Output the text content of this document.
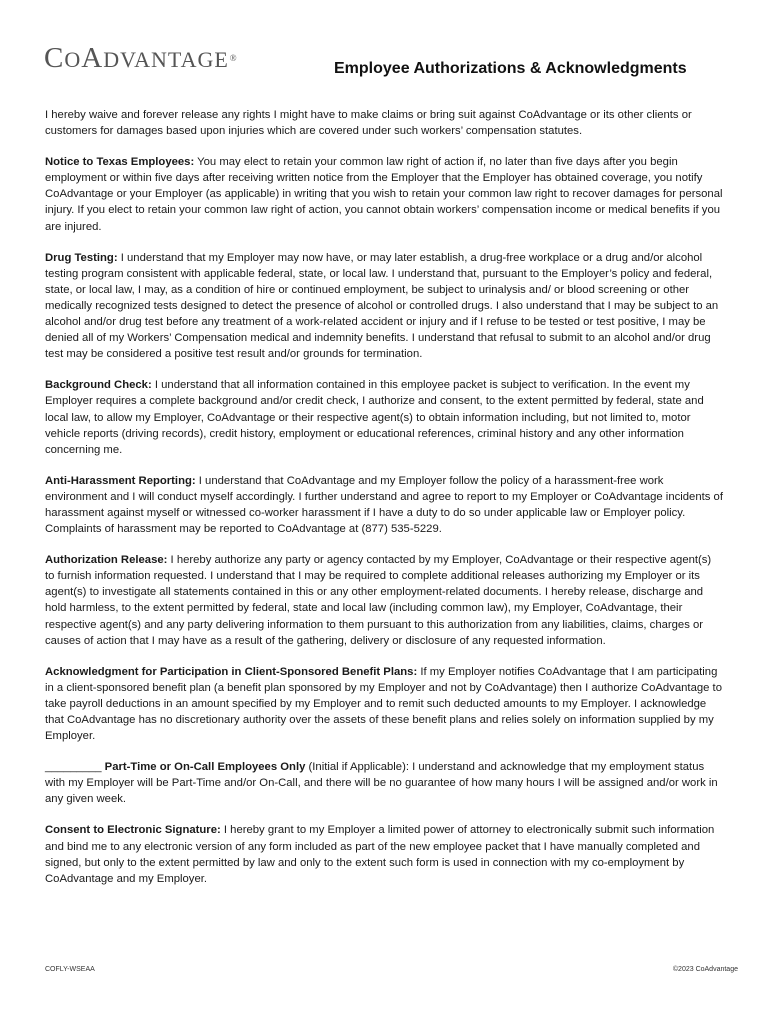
COADVANTAGE®
Employee Authorizations & Acknowledgments

I hereby waive and forever release any rights I might have to make claims or bring suit against CoAdvantage or its other clients or customers for damages based upon injuries which are covered under such workers’ compensation statutes.

Notice to Texas Employees: You may elect to retain your common law right of action if, no later than five days after you begin employment or within five days after receiving written notice from the Employer that the Employer has obtained coverage, you notify CoAdvantage or your Employer (as applicable) in writing that you wish to retain your common law right to recover damages for personal injury. If you elect to retain your common law right of action, you cannot obtain workers’ compensation income or medical benefits if you are injured.

Drug Testing: I understand that my Employer may now have, or may later establish, a drug-free workplace or a drug and/or alcohol testing program consistent with applicable federal, state, or local law. I understand that, pursuant to the Employer’s policy and federal, state, or local law, I may, as a condition of hire or continued employment, be subject to urinalysis and/ or blood screening or other medically recognized tests designed to detect the presence of alcohol or controlled drugs. I also understand that I may be subject to an alcohol and/or drug test before any treatment of a work-related accident or injury and if I refuse to be tested or test positive, I may be denied all of my Workers’ Compensation medical and indemnity benefits. I understand that refusal to submit to an alcohol and/or drug test may be considered a positive test result and/or grounds for termination.

Background Check: I understand that all information contained in this employee packet is subject to verification. In the event my Employer requires a complete background and/or credit check, I authorize and consent, to the extent permitted by federal, state and local law, to allow my Employer, CoAdvantage or their respective agent(s) to obtain information including, but not limited to, motor vehicle reports (driving records), credit history, employment or educational references, criminal history and any other information concerning me.

Anti-Harassment Reporting: I understand that CoAdvantage and my Employer follow the policy of a harassment-free work environment and I will conduct myself accordingly. I further understand and agree to report to my Employer or CoAdvantage incidents of harassment against myself or witnessed co-worker harassment if I have a duty to do so under applicable law or Employer policy. Complaints of harassment may be reported to CoAdvantage at (877) 535-5229.

Authorization Release: I hereby authorize any party or agency contacted by my Employer, CoAdvantage or their respective agent(s) to furnish information requested. I understand that I may be required to complete additional releases authorizing my Employer or its agent(s) to investigate all statements contained in this or any other employment-related documents. I hereby release, discharge and hold harmless, to the extent permitted by federal, state and local law (including common law), my Employer, CoAdvantage, their respective agent(s) and any party delivering information to them pursuant to this authorization from any liabilities, claims, charges or causes of action that I may have as a result of the gathering, delivery or disclosure of any requested information.

Acknowledgment for Participation in Client-Sponsored Benefit Plans: If my Employer notifies CoAdvantage that I am participating in a client-sponsored benefit plan (a benefit plan sponsored by my Employer and not by CoAdvantage) then I authorize CoAdvantage to take payroll deductions in an amount specified by my Employer and to remit such deducted amounts to my Employer. I acknowledge that CoAdvantage has no discretionary authority over the assets of these benefit plans and relies solely on information supplied by my Employer.

_________ Part-Time or On-Call Employees Only (Initial if Applicable): I understand and acknowledge that my employment status with my Employer will be Part-Time and/or On-Call, and there will be no guarantee of how many hours I will be assigned and/or work in any given week.

Consent to Electronic Signature: I hereby grant to my Employer a limited power of attorney to electronically submit such information and bind me to any electronic version of any form included as part of the new employee packet that I have manually completed and signed, but only to the extent permitted by law and only to the extent such form is used in connection with my co-employment by CoAdvantage and my Employer.

COFLY-WSEAA	©2023 CoAdvantage
